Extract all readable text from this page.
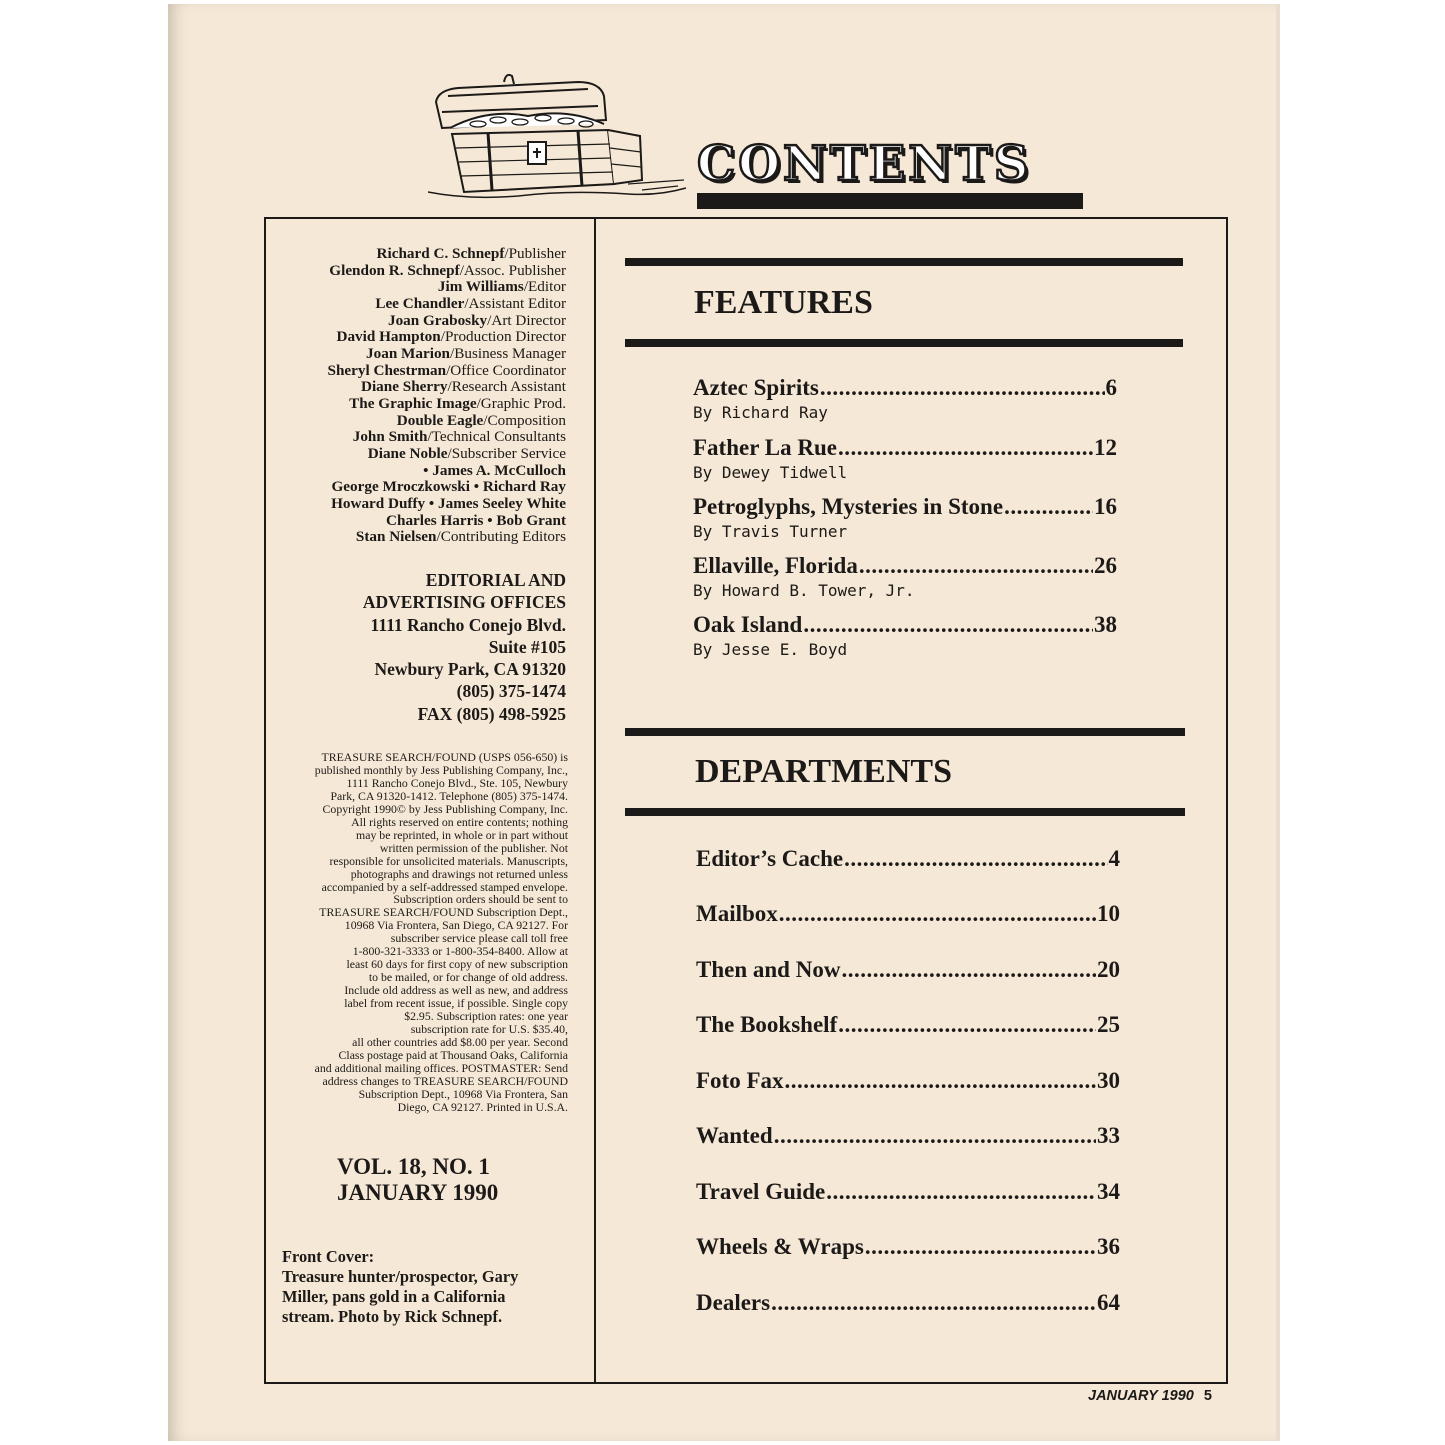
CONTENTS
Richard C. Schnepf/Publisher
Glendon R. Schnepf/Assoc. Publisher
Jim Williams/Editor
Lee Chandler/Assistant Editor
Joan Grabosky/Art Director
David Hampton/Production Director
Joan Marion/Business Manager
Sheryl Chestrman/Office Coordinator
Diane Sherry/Research Assistant
The Graphic Image/Graphic Prod.
Double Eagle/Composition
John Smith/Technical Consultants
Diane Noble/Subscriber Service
• James A. McCulloch
George Mroczkowski • Richard Ray
Howard Duffy • James Seeley White
Charles Harris • Bob Grant
Stan Nielsen/Contributing Editors
EDITORIAL AND
ADVERTISING OFFICES
1111 Rancho Conejo Blvd.
Suite #105
Newbury Park, CA 91320
(805) 375-1474
FAX (805) 498-5925
TREASURE SEARCH/FOUND (USPS 056-650) is
published monthly by Jess Publishing Company, Inc.,
1111 Rancho Conejo Blvd., Ste. 105, Newbury
Park, CA 91320-1412. Telephone (805) 375-1474.
Copyright 1990© by Jess Publishing Company, Inc.
All rights reserved on entire contents; nothing
may be reprinted, in whole or in part without
written permission of the publisher. Not
responsible for unsolicited materials. Manuscripts,
photographs and drawings not returned unless
accompanied by a self-addressed stamped envelope.
Subscription orders should be sent to
TREASURE SEARCH/FOUND Subscription Dept.,
10968 Via Frontera, San Diego, CA 92127. For
subscriber service please call toll free
1-800-321-3333 or 1-800-354-8400. Allow at
least 60 days for first copy of new subscription
to be mailed, or for change of old address.
Include old address as well as new, and address
label from recent issue, if possible. Single copy
$2.95. Subscription rates: one year
subscription rate for U.S. $35.40,
all other countries add $8.00 per year. Second
Class postage paid at Thousand Oaks, California
and additional mailing offices. POSTMASTER: Send
address changes to TREASURE SEARCH/FOUND
Subscription Dept., 10968 Via Frontera, San
Diego, CA 92127. Printed in U.S.A.
VOL. 18, NO. 1
JANUARY 1990
Front Cover:
Treasure hunter/prospector, Gary
Miller, pans gold in a California
stream. Photo by Rick Schnepf.
FEATURES
Aztec Spirits .....	6
By Richard Ray
Father La Rue .....	12
By Dewey Tidwell
Petroglyphs, Mysteries in Stone .....	16
By Travis Turner
Ellaville, Florida .....	26
By Howard B. Tower, Jr.
Oak Island .....	38
By Jesse E. Boyd
DEPARTMENTS
Editor’s Cache .....	4
Mailbox .....	10
Then and Now .....	20
The Bookshelf .....	25
Foto Fax .....	30
Wanted .....	33
Travel Guide .....	34
Wheels & Wraps .....	36
Dealers .....	64
JANUARY 1990 5
